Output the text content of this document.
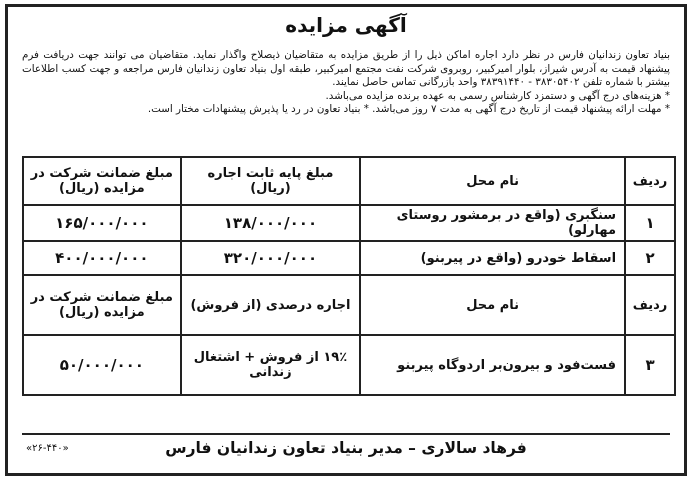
آگهی مزایده

بنیاد تعاون زندانیان فارس در نظر دارد اجاره اماکن ذیل را از طریق مزایده به متقاضیان ذیصلاح واگذار نماید. متقاضیان می توانند جهت دریافت فرم پیشنهاد قیمت به آدرس شیراز، بلوار امیرکبیر، روبروی شرکت نفت مجتمع امیرکبیر، طبقه اول بنیاد تعاون زندانیان فارس مراجعه و جهت کسب اطلاعات بیشتر با شماره تلفن ۳۸۳۰۵۴۰۲ - ۳۸۳۹۱۴۴۰ واحد بازرگانی تماس حاصل نمایند.

* هزینه‌های درج آگهی و دستمزد کارشناس رسمی به عهده برنده مزایده می‌باشد.

* مهلت ارائه پیشنهاد قیمت از تاریخ درج آگهی به مدت ۷ روز می‌باشد. * بنیاد تعاون در رد یا پذیرش پیشنهادات مختار است.

ردیف	نام محل	مبلغ پایه ثابت اجاره (ریال)	مبلغ ضمانت شرکت در مزایده (ریال)
۱	سنگبری (واقع در برمشور روستای مهارلو)	۱۳۸/۰۰۰/۰۰۰	۱۶۵/۰۰۰/۰۰۰
۲	اسقاط خودرو (واقع در پیربنو)	۳۲۰/۰۰۰/۰۰۰	۴۰۰/۰۰۰/۰۰۰
ردیف	نام محل	اجاره درصدی (از فروش)	مبلغ ضمانت شرکت در مزایده (ریال)
۳	فست‌فود و بیرون‌بر اردوگاه پیربنو	۱۹٪ از فروش + اشتغال زندانی	۵۰/۰۰۰/۰۰۰
فرهاد سالاری – مدیر بنیاد تعاون زندانیان فارس
«۲۶-۴۴۰»
